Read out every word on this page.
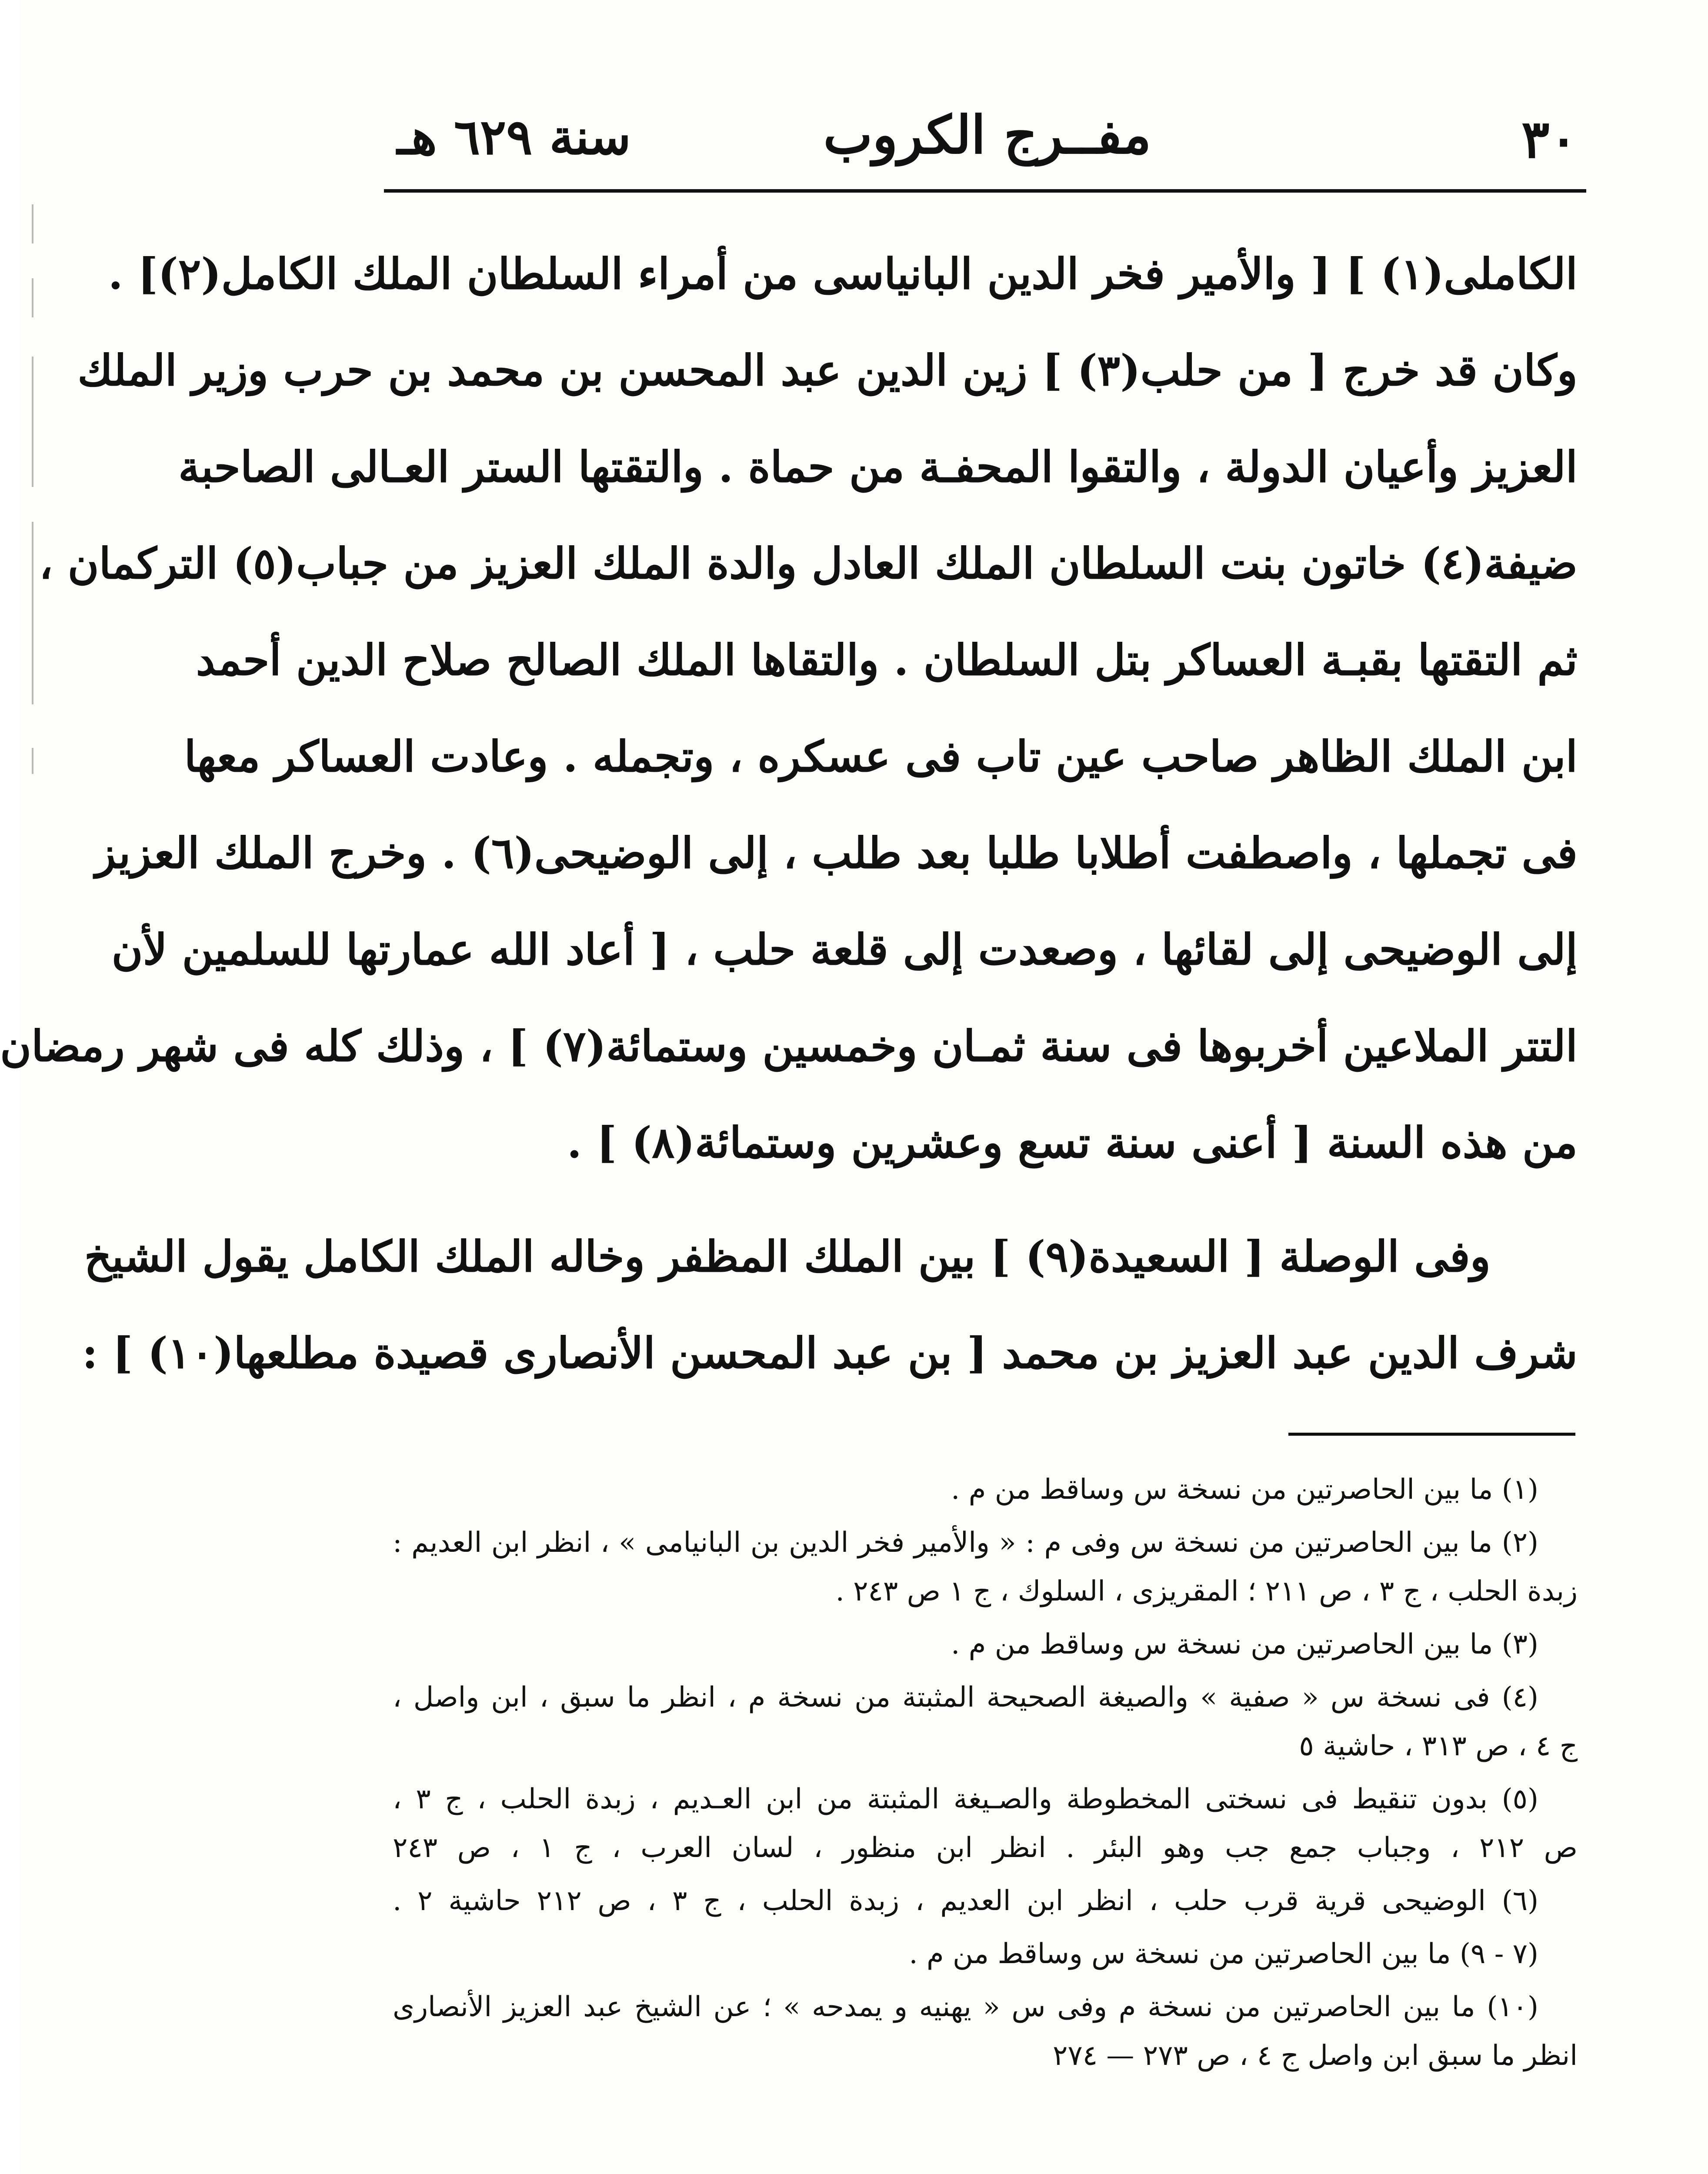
٣٠
مفــرج الكروب
سنة ٦٢٩ هـ
الكاملى(١) ] [ والأمير فخر الدين البانياسى من أمراء السلطان الملك الكامل(٢)] .
وكان قد خرج [ من حلب(٣) ] زين الدين عبد المحسن بن محمد بن حرب وزير الملك
العزيز وأعيان الدولة ، والتقوا المحفـة من حماة . والتقتها الستر العـالى الصاحبة
ضيفة(٤) خاتون بنت السلطان الملك العادل والدة الملك العزيز من جباب(٥) التركمان ،
ثم التقتها بقبـة العساكر بتل السلطان . والتقاها الملك الصالح صلاح الدين أحمد
ابن الملك الظاهر صاحب عين تاب فى عسكره ، وتجمله . وعادت العساكر معها
فى تجملها ، واصطفت أطلابا طلبا بعد طلب ، إلى الوضيحى(٦) . وخرج الملك العزيز
إلى الوضيحى إلى لقائها ، وصعدت إلى قلعة حلب ، [ أعاد الله عمارتها للسلمين لأن
التتر الملاعين أخربوها فى سنة ثمـان وخمسين وستمائة(٧) ] ، وذلك كله فى شهر رمضان
من هذه السنة [ أعنى سنة تسع وعشرين وستمائة(٨) ] .
وفى الوصلة [ السعيدة(٩) ] بين الملك المظفر وخاله الملك الكامل يقول الشيخ
شرف الدين عبد العزيز بن محمد [ بن عبد المحسن الأنصارى قصيدة مطلعها(١٠) ] :
(١) ما بين الحاصرتين من نسخة س وساقط من م .
(٢) ما بين الحاصرتين من نسخة س وفى م : « والأمير فخر الدين بن البانيامى » ، انظر ابن العديم :
زبدة الحلب ، ج ٣ ، ص ٢١١ ؛ المقريزى ، السلوك ، ج ١ ص ٢٤٣ .
(٣) ما بين الحاصرتين من نسخة س وساقط من م .
(٤) فى نسخة س « صفية » والصيغة الصحيحة المثبتة من نسخة م ، انظر ما سبق ، ابن واصل ،
ج ٤ ، ص ٣١٣ ، حاشية ٥
(٥) بدون تنقيط فى نسختى المخطوطة والصـيغة المثبتة من ابن العـديم ، زبدة الحلب ، ج ٣ ،
ص ٢١٢ ، وجباب جمع جب وهو البئر . انظر ابن منظور ، لسان العرب ، ج ١ ، ص ٢٤٣
(٦) الوضيحى قرية قرب حلب ، انظر ابن العديم ، زبدة الحلب ، ج ٣ ، ص ٢١٢ حاشية ٢ .
(٧ - ٩) ما بين الحاصرتين من نسخة س وساقط من م .
(١٠) ما بين الحاصرتين من نسخة م وفى س « يهنيه و يمدحه » ؛ عن الشيخ عبد العزيز الأنصارى
انظر ما سبق ابن واصل ج ٤ ، ص ٢٧٣ — ٢٧٤
